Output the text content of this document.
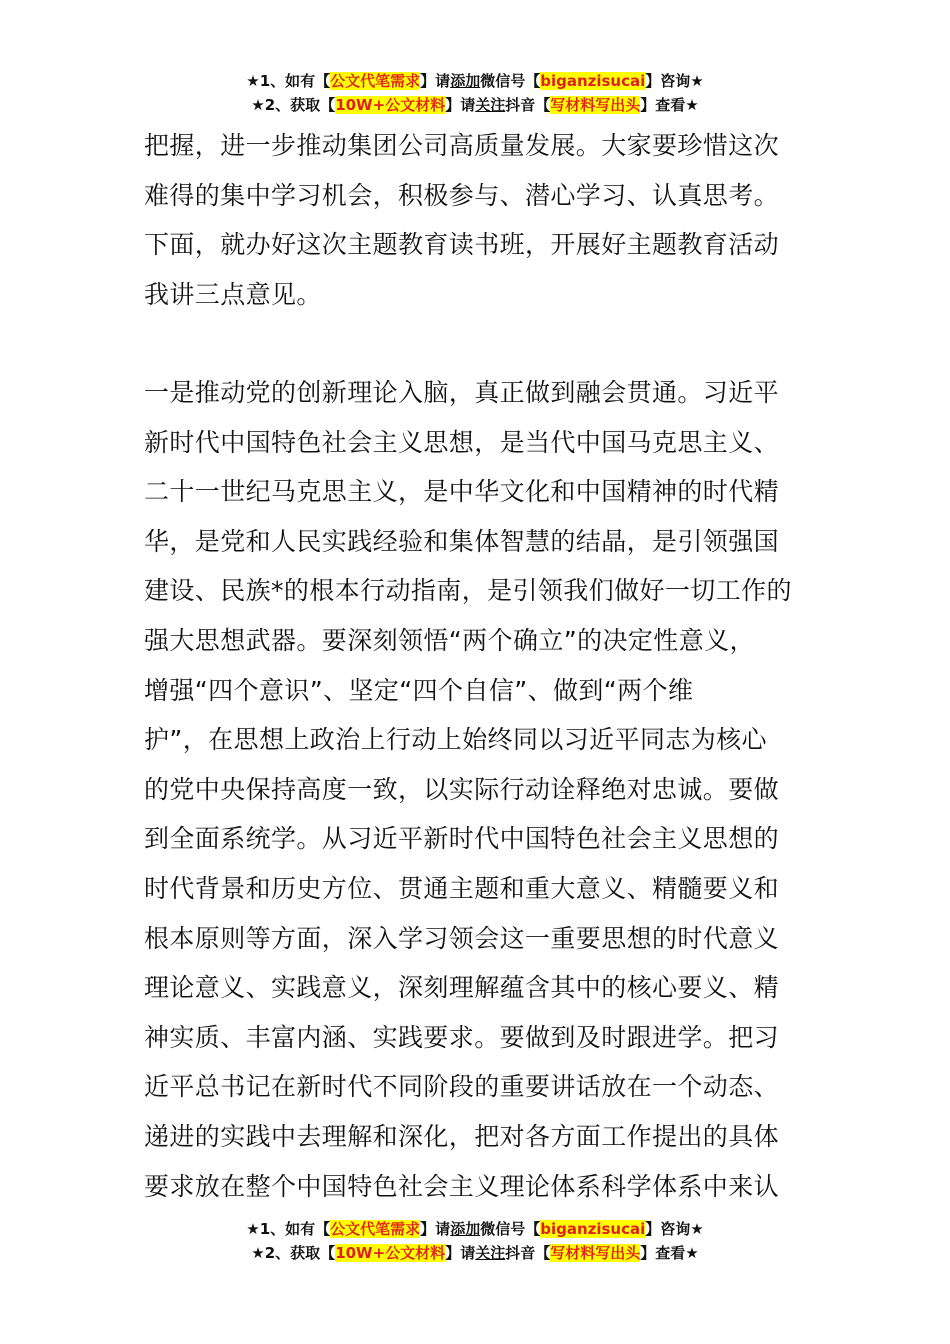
★1、如有【公文代笔需求】请添加微信号【biganzisucai】咨询★
★2、获取【10W+公文材料】请关注抖音【写材料写出头】查看★
把握，进一步推动集团公司高质量发展。大家要珍惜这次
难得的集中学习机会，积极参与、潜心学习、认真思考。
下面，就办好这次主题教育读书班，开展好主题教育活动
我讲三点意见。
一是推动党的创新理论入脑，真正做到融会贯通。习近平
新时代中国特色社会主义思想，是当代中国马克思主义、
二十一世纪马克思主义，是中华文化和中国精神的时代精
华，是党和人民实践经验和集体智慧的结晶，是引领强国
建设、民族*的根本行动指南，是引领我们做好一切工作的
强大思想武器。要深刻领悟“两个确立”的决定性意义，
增强“四个意识”、坚定“四个自信”、做到“两个维
护”，在思想上政治上行动上始终同以习近平同志为核心
的党中央保持高度一致，以实际行动诠释绝对忠诚。要做
到全面系统学。从习近平新时代中国特色社会主义思想的
时代背景和历史方位、贯通主题和重大意义、精髓要义和
根本原则等方面，深入学习领会这一重要思想的时代意义
理论意义、实践意义，深刻理解蕴含其中的核心要义、精
神实质、丰富内涵、实践要求。要做到及时跟进学。把习
近平总书记在新时代不同阶段的重要讲话放在一个动态、
递进的实践中去理解和深化，把对各方面工作提出的具体
要求放在整个中国特色社会主义理论体系科学体系中来认
★1、如有【公文代笔需求】请添加微信号【biganzisucai】咨询★
★2、获取【10W+公文材料】请关注抖音【写材料写出头】查看★
